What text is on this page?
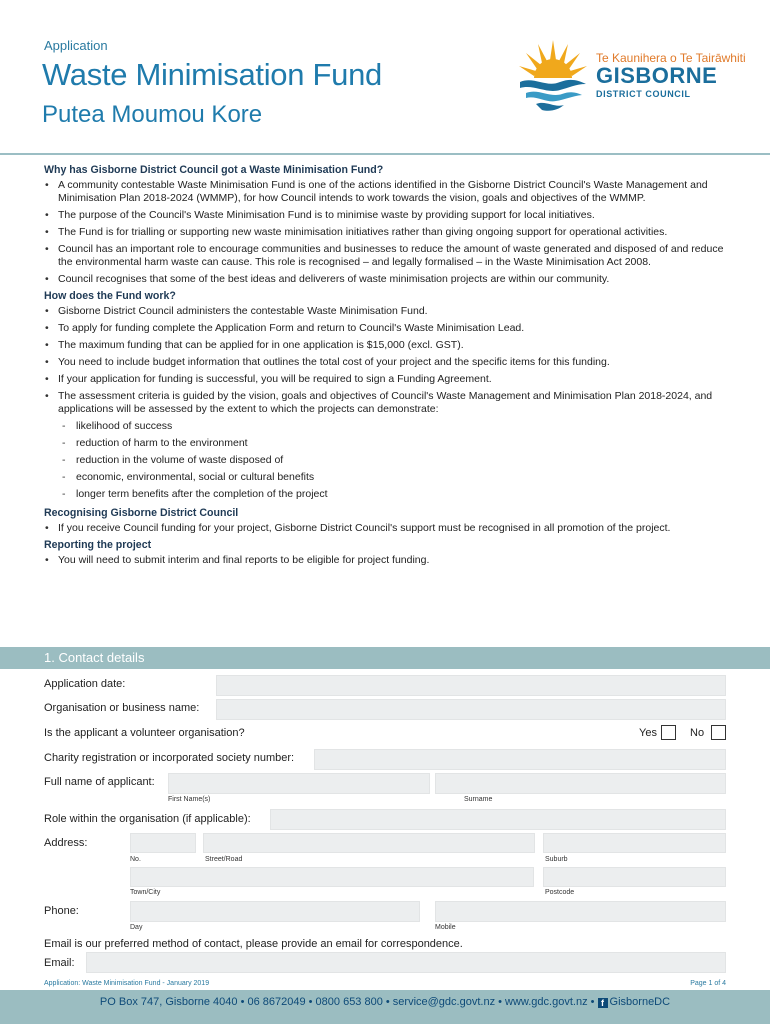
Application
Waste Minimisation Fund
Putea Moumou Kore
Te Kaunihera o Te Tairāwhiti
GISBORNE
DISTRICT COUNCIL
Why has Gisborne District Council got a Waste Minimisation Fund?
• A community contestable Waste Minimisation Fund is one of the actions identified in the Gisborne District Council's Waste Management and Minimisation Plan 2018-2024 (WMMP), for how Council intends to work towards the vision, goals and objectives of the WMMP.
• The purpose of the Council's Waste Minimisation Fund is to minimise waste by providing support for local initiatives.
• The Fund is for trialling or supporting new waste minimisation initiatives rather than giving ongoing support for operational activities.
• Council has an important role to encourage communities and businesses to reduce the amount of waste generated and disposed of and reduce the environmental harm waste can cause. This role is recognised – and legally formalised – in the Waste Minimisation Act 2008.
• Council recognises that some of the best ideas and deliverers of waste minimisation projects are within our community.
How does the Fund work?
• Gisborne District Council administers the contestable Waste Minimisation Fund.
• To apply for funding complete the Application Form and return to Council's Waste Minimisation Lead.
• The maximum funding that can be applied for in one application is $15,000 (excl. GST).
• You need to include budget information that outlines the total cost of your project and the specific items for this funding.
• If your application for funding is successful, you will be required to sign a Funding Agreement.
• The assessment criteria is guided by the vision, goals and objectives of Council's Waste Management and Minimisation Plan 2018-2024, and applications will be assessed by the extent to which the projects can demonstrate:
- likelihood of success
- reduction of harm to the environment
- reduction in the volume of waste disposed of
- economic, environmental, social or cultural benefits
- longer term benefits after the completion of the project
Recognising Gisborne District Council
• If you receive Council funding for your project, Gisborne District Council's support must be recognised in all promotion of the project.
Reporting the project
• You will need to submit interim and final reports to be eligible for project funding.
1. Contact details
Application date:
Organisation or business name:
Is the applicant a volunteer organisation?	Yes	No
Charity registration or incorporated society number:
Full name of applicant:
First Name(s)	Surname
Role within the organisation (if applicable):
Address:
No.	Street/Road	Suburb
Town/City	Postcode
Phone:
Day	Mobile
Email is our preferred method of contact, please provide an email for correspondence.
Email:
Application: Waste Minimisation Fund - January 2019	Page 1 of 4
PO Box 747, Gisborne 4040 • 06 8672049 • 0800 653 800 • service@gdc.govt.nz • www.gdc.govt.nz • f GisborneDC
